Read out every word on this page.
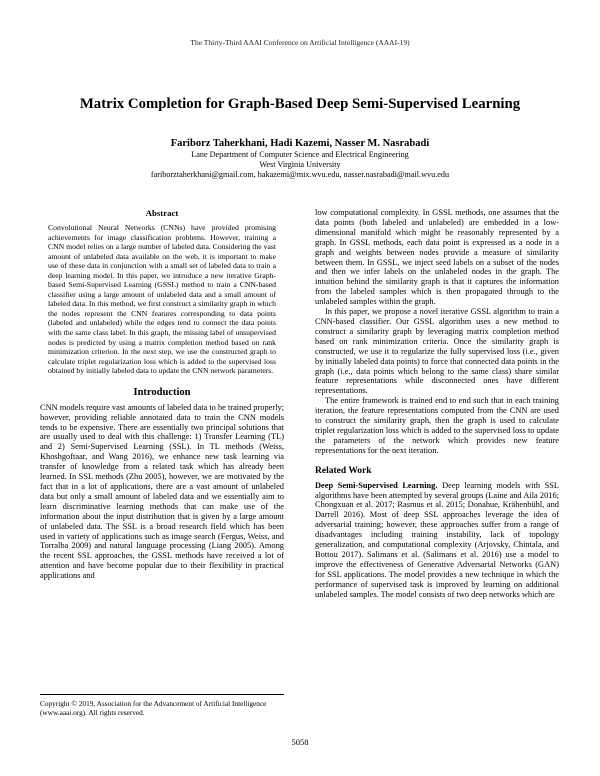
The Thirty-Third AAAI Conference on Artificial Intelligence (AAAI-19)
Matrix Completion for Graph-Based Deep Semi-Supervised Learning
Fariborz Taherkhani, Hadi Kazemi, Nasser M. Nasrabadi
Lane Department of Computer Science and Electrical Engineering
West Virginia University
fariborztaherkhani@gmail.com, hakazemi@mix.wvu.edu, nasser.nasrabadi@mail.wvu.edu
Abstract

Convolutional Neural Networks (CNNs) have provided promising achievements for image classification problems. However, training a CNN model relies on a large number of labeled data. Considering the vast amount of unlabeled data available on the web, it is important to make use of these data in conjunction with a small set of labeled data to train a deep learning model. In this paper, we introduce a new iterative Graph-based Semi-Supervised Learning (GSSL) method to train a CNN-based classifier using a large amount of unlabeled data and a small amount of labeled data. In this method, we first construct a similarity graph in which the nodes represent the CNN features corresponding to data points (labeled and unlabeled) while the edges tend to connect the data points with the same class label. In this graph, the missing label of unsupervised nodes is predicted by using a matrix completion method based on rank minimization criterion. In the next step, we use the constructed graph to calculate triplet regularization loss which is added to the supervised loss obtained by initially labeled data to update the CNN network parameters.

Introduction

CNN models require vast amounts of labeled data to be trained properly; however, providing reliable annotated data to train the CNN models tends to be expensive. There are essentially two principal solutions that are usually used to deal with this challenge: 1) Transfer Learning (TL) and 2) Semi-Supervised Learning (SSL). In TL methods (Weiss, Khoshgoftaar, and Wang 2016), we enhance new task learning via transfer of knowledge from a related task which has already been learned. In SSL methods (Zhu 2005), however, we are motivated by the fact that in a lot of applications, there are a vast amount of unlabeled data but only a small amount of labeled data and we essentially aim to learn discriminative learning methods that can make use of the information about the input distribution that is given by a large amount of unlabeled data. The SSL is a broad research field which has been used in variety of applications such as image search (Fergus, Weiss, and Torralba 2009) and natural language processing (Liang 2005). Among the recent SSL approaches, the GSSL methods have received a lot of attention and have become popular due to their flexibility in practical applications and

Copyright © 2019, Association for the Advancement of Artificial Intelligence (www.aaai.org). All rights reserved.

low computational complexity. In GSSL methods, one assumes that the data points (both labeled and unlabeled) are embedded in a low-dimensional manifold which might be reasonably represented by a graph. In GSSL methods, each data point is expressed as a node in a graph and weights between nodes provide a measure of similarity between them. In GSSL, we inject seed labels on a subset of the nodes and then we infer labels on the unlabeled nodes in the graph. The intuition behind the similarity graph is that it captures the information from the labeled samples which is then propagated through to the unlabeled samples within the graph.

In this paper, we propose a novel iterative GSSL algorithm to train a CNN-based classifier. Our GSSL algorithm uses a new method to construct a similarity graph by leveraging matrix completion method based on rank minimization criteria. Once the similarity graph is constructed, we use it to regularize the fully supervised loss (i.e., given by initially labeled data points) to force that connected data points in the graph (i.e., data points which belong to the same class) share similar feature representations while disconnected ones have different representations.

The entire framework is trained end to end such that in each training iteration, the feature representations computed from the CNN are used to construct the similarity graph, then the graph is used to calculate triplet regularization loss which is added to the supervised loss to update the parameters of the network which provides new feature representations for the next iteration.

Related Work

Deep Semi-Supervised Learning. Deep learning models with SSL algorithms have been attempted by several groups (Laine and Aila 2016; Chongxuan et al. 2017; Rasmus et al. 2015; Donahue, Krähenbühl, and Darrell 2016). Most of deep SSL approaches leverage the idea of adversarial training; however, these approaches suffer from a range of disadvantages including training instability, lack of topology generalization, and computational complexity (Arjovsky, Chintala, and Bottou 2017). Salimans et al. (Salimans et al. 2016) use a model to improve the effectiveness of Generative Adversarial Networks (GAN) for SSL applications. The model provides a new technique in which the performance of supervised task is improved by learning on additional unlabeled samples. The model consists of two deep networks which are

5058
